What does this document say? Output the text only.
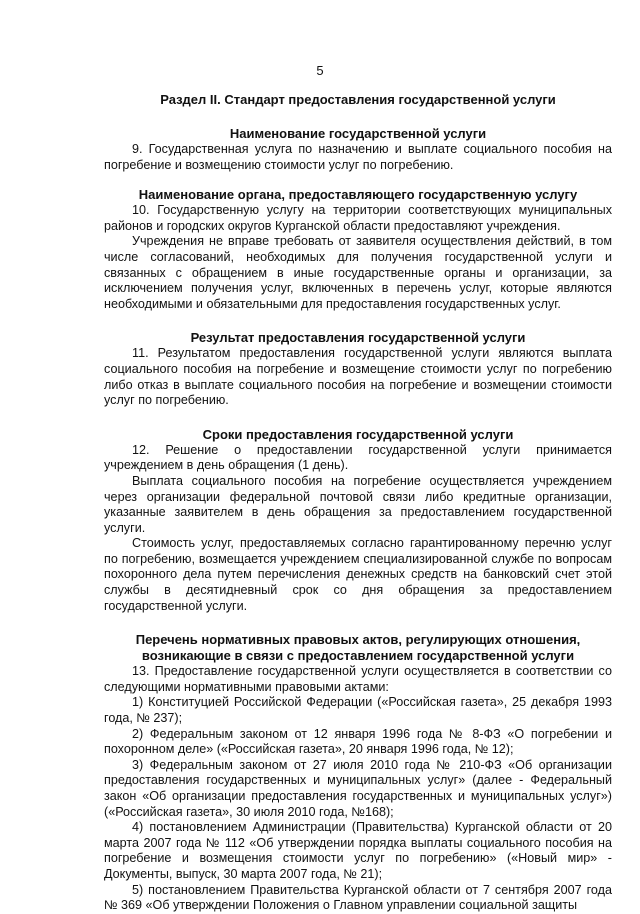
5

Раздел II. Стандарт предоставления государственной услуги

Наименование государственной услуги

9. Государственная услуга по назначению и выплате социального пособия на погребение и возмещению стоимости услуг по погребению.

Наименование органа, предоставляющего государственную услугу

10. Государственную услугу на территории соответствующих муниципальных районов и городских округов Курганской области предоставляют учреждения.

Учреждения не вправе требовать от заявителя осуществления действий, в том числе согласований, необходимых для получения государственной услуги и связанных с обращением в иные государственные органы и организации, за исключением получения услуг, включенных в перечень услуг, которые являются необходимыми и обязательными для предоставления государственных услуг.

Результат предоставления государственной услуги

11. Результатом предоставления государственной услуги являются выплата социального пособия на погребение и возмещение стоимости услуг по погребению либо отказ в выплате социального пособия на погребение и возмещении стоимости услуг по погребению.

Сроки предоставления государственной услуги

12. Решение о предоставлении государственной услуги принимается учреждением в день обращения (1 день).

Выплата социального пособия на погребение осуществляется учреждением через организации федеральной почтовой связи либо кредитные организации, указанные заявителем в день обращения за предоставлением государственной услуги.

Стоимость услуг, предоставляемых согласно гарантированному перечню услуг по погребению, возмещается учреждением специализированной службе по вопросам похоронного дела путем перечисления денежных средств на банковский счет этой службы в десятидневный срок со дня обращения за предоставлением государственной услуги.

Перечень нормативных правовых актов, регулирующих отношения,

возникающие в связи с предоставлением государственной услуги

13. Предоставление государственной услуги осуществляется в соответствии со следующими нормативными правовыми актами:

1) Конституцией Российской Федерации («Российская газета», 25 декабря 1993 года, № 237);

2) Федеральным законом от 12 января 1996 года № 8-ФЗ «О погребении и похоронном деле» («Российская газета», 20 января 1996 года, № 12);

3) Федеральным законом от 27 июля 2010 года № 210-ФЗ «Об организации предоставления государственных и муниципальных услуг» (далее - Федеральный закон «Об организации предоставления государственных и муниципальных услуг») («Российская газета», 30 июля 2010 года, №168);

4) постановлением Администрации (Правительства) Курганской области от 20 марта 2007 года № 112 «Об утверждении порядка выплаты социального пособия на погребение и возмещения стоимости услуг по погребению» («Новый мир» - Документы, выпуск, 30 марта 2007 года, № 21);

5) постановлением Правительства Курганской области от 7 сентября 2007 года № 369 «Об утверждении Положения о Главном управлении социальной защиты
